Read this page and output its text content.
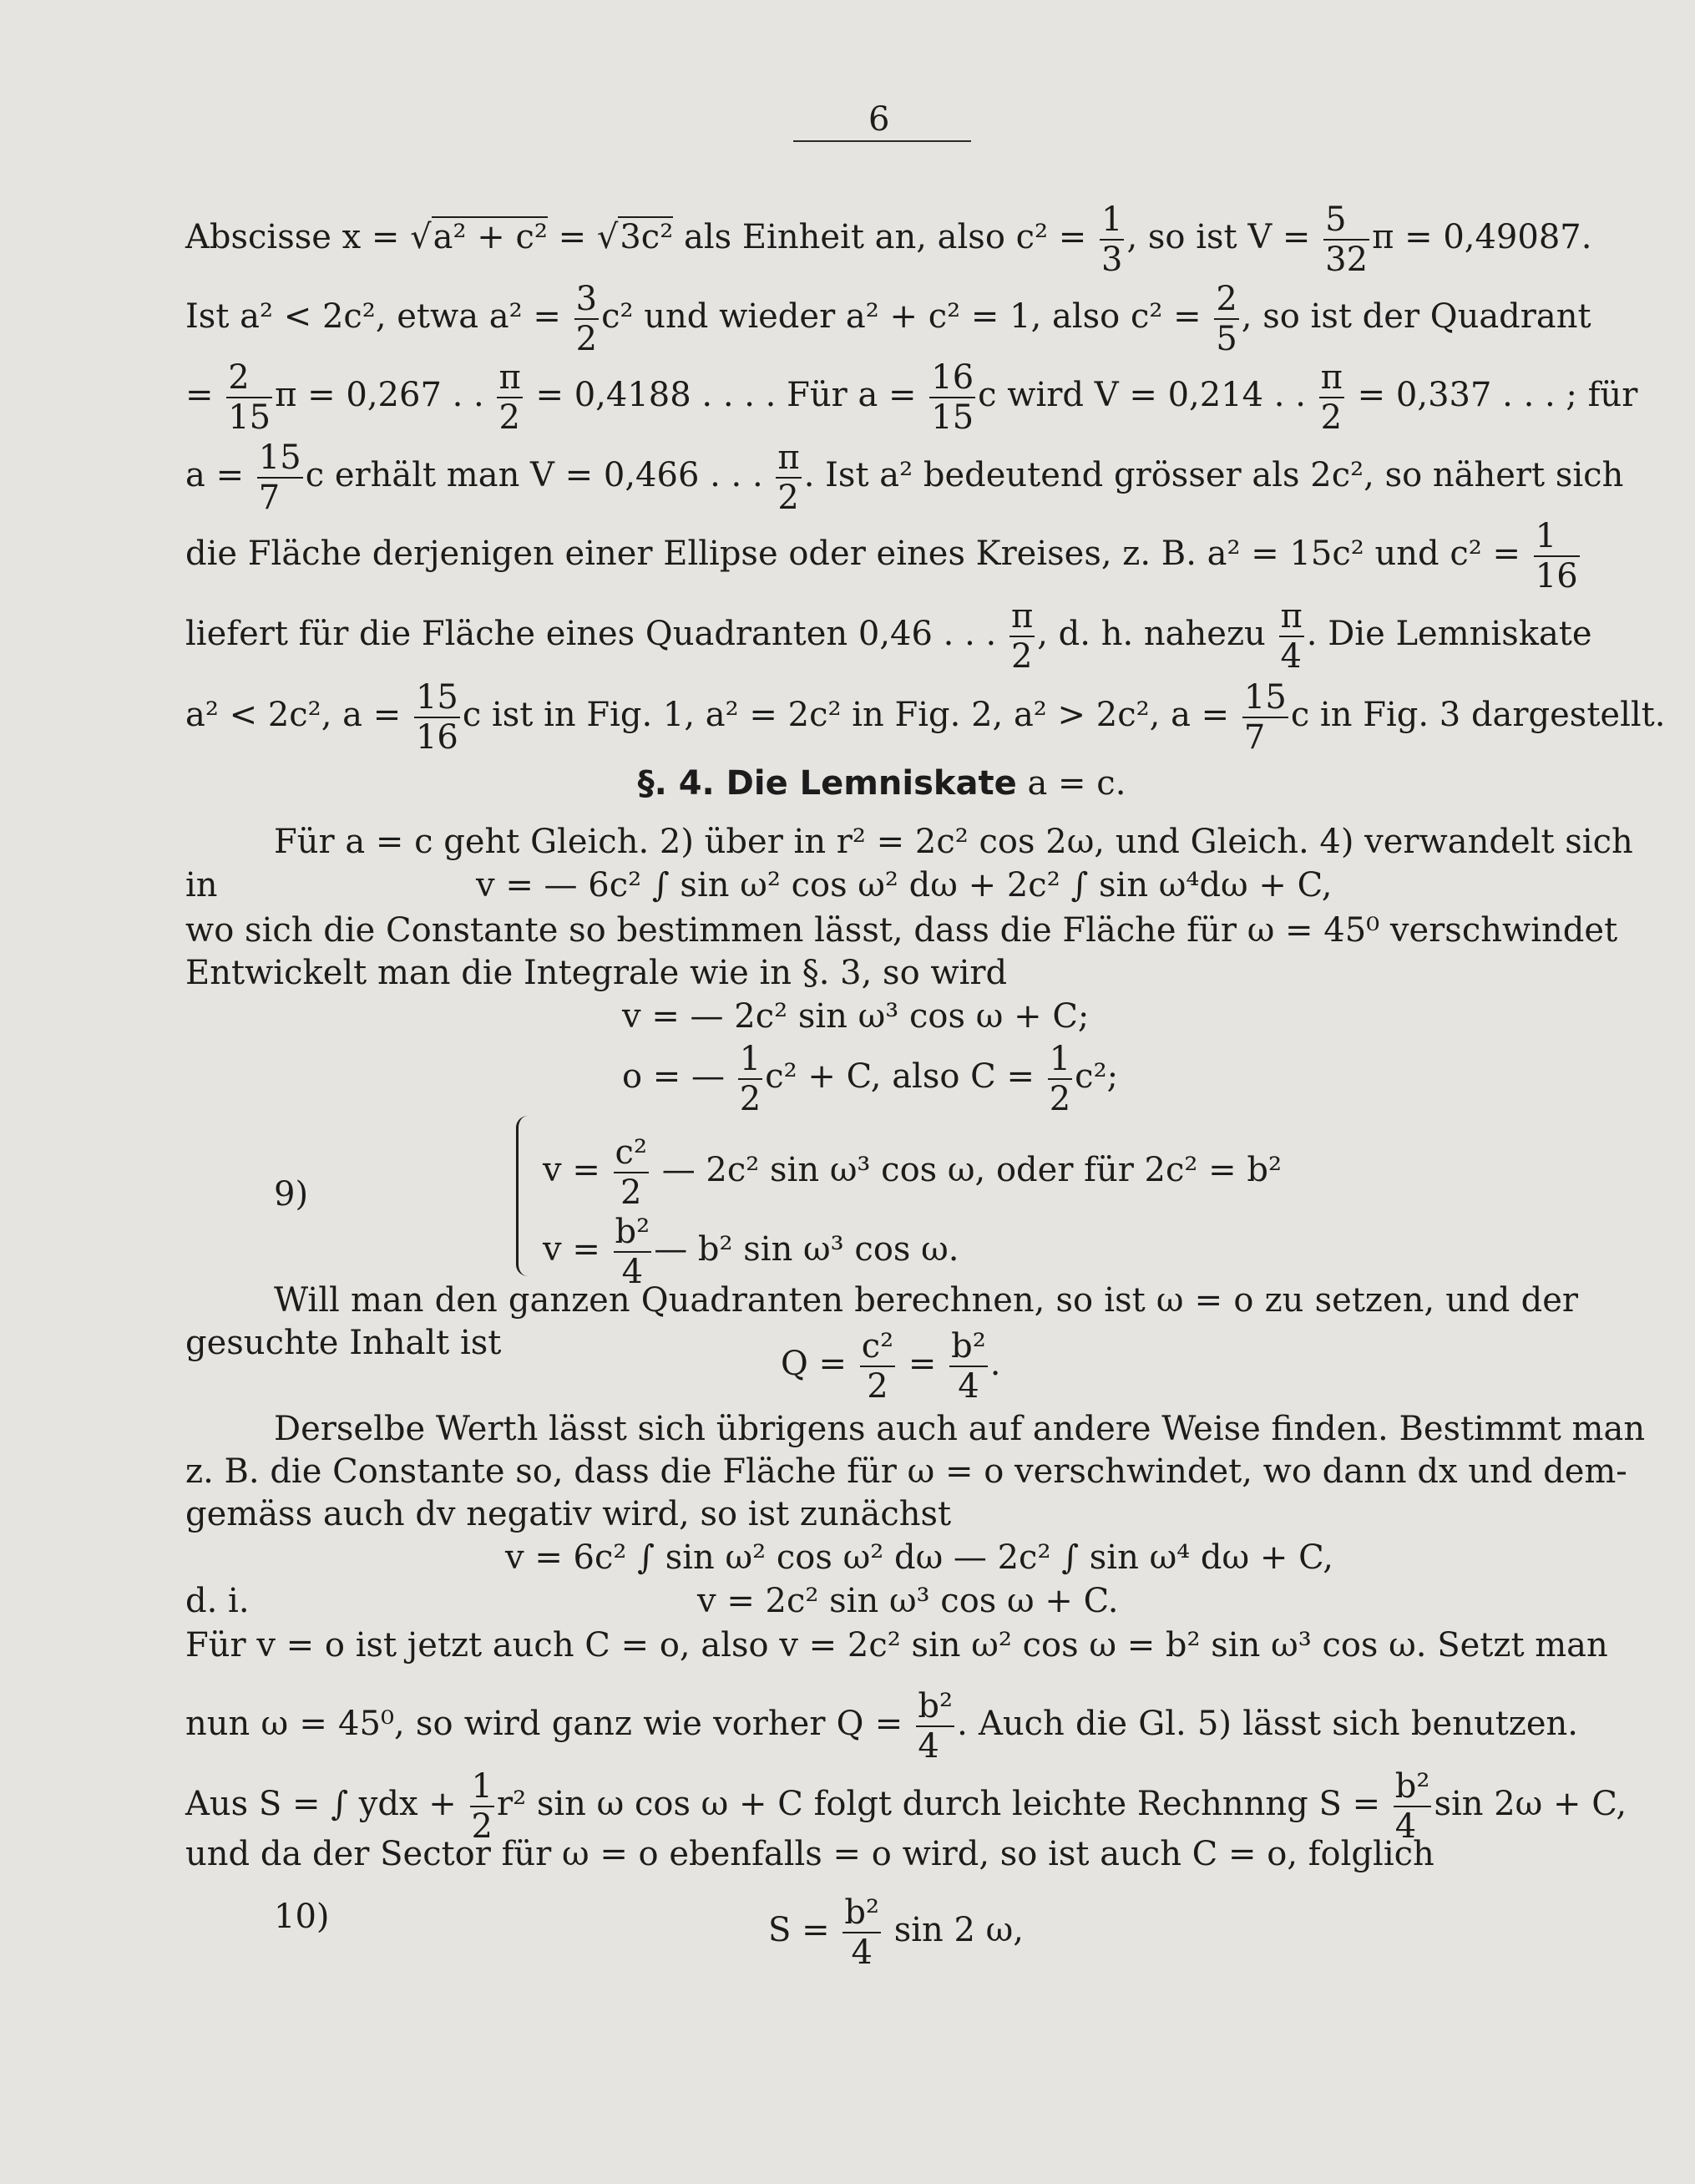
6
Abscisse x = √a² + c² = √3c² als Einheit an, also $c^2 = \frac{1}{3}$ , so ist $V = \frac{5}{32}$ π = 0,49087.
Ist a² < 2c², etwa $a^2 = \frac{3}{2} c^2$ und wieder a² + c² = 1, also $c^2 = \frac{2}{5}$ , so ist der Quadrant
= $\frac{2}{15}$ π = 0,267 . . $\frac{\pi}{2} = 0,4188$ . . . . Für $a = \frac{16}{15}$ c wird V = 0,214 . . $\frac{\pi}{2} = 0,337$ . . . ; für
$a = \frac{15}{7}$ c erhält man V = 0,466 . . . $\frac{\pi}{2}$ . Ist a² bedeutend grösser als 2c², so nähert sich
die Fläche derjenigen einer Ellipse oder eines Kreises, z. B. a² = 15c² und $c^2 = \frac{1}{16}$
liefert für die Fläche eines Quadranten 0,46 . . . $\frac{\pi}{2}$ , d. h. nahezu $\frac{\pi}{4}$ . Die Lemniskate
a² < 2c², $a = \frac{15}{16}$ c ist in Fig. 1, a² = 2c² in Fig. 2, a² > 2c², $a = \frac{15}{7}$ c in Fig. 3 dargestellt.
§. 4. Die Lemniskate a = c.
Für a = c geht Gleich. 2) über in r² = 2c² cos 2ω, und Gleich. 4) verwandelt sich
in	v = — 6c² ∫ sin ω² cos ω² dω + 2c² ∫ sin ω⁴dω + C,
wo sich die Constante so bestimmen lässt, dass die Fläche für ω = 45⁰ verschwindet
Entwickelt man die Integrale wie in §. 3, so wird
v = — 2c² sin ω³ cos ω + C;
o = — $\frac{1}{2} c^2 + C$, also $C = \frac{1}{2} c^2$;
9)
$v = \frac{\text{c²}}{2}$ — 2c² sin ω³ cos ω, oder für 2c² = b²
$v = \frac{\text{b²}}{4}$ — b² sin ω³ cos ω.
Will man den ganzen Quadranten berechnen, so ist ω = o zu setzen, und der
gesuchte Inhalt ist
$Q = \frac{\text{c²}}{2} = \frac{\text{b²}}{4}$ .
Derselbe Werth lässt sich übrigens auch auf andere Weise finden. Bestimmt man
z. B. die Constante so, dass die Fläche für ω = o verschwindet, wo dann dx und dem-
gemäss auch dv negativ wird, so ist zunächst
v = 6c² ∫ sin ω² cos ω² dω — 2c² ∫ sin ω⁴ dω + C,
d. i.	v = 2c² sin ω³ cos ω + C.
Für v = o ist jetzt auch C = o, also v = 2c² sin ω² cos ω = b² sin ω³ cos ω. Setzt man
nun ω = 45⁰, so wird ganz wie vorher $Q = \frac{\text{b²}}{4}$ . Auch die Gl. 5) lässt sich benutzen.
Aus S = ∫ ydx + $\frac{1}{2} r^2$ sin ω cos ω + C folgt durch leichte Rechnnng $S = \frac{\text{b²}}{4}$ sin 2ω + C,
und da der Sector für ω = o ebenfalls = o wird, so ist auch C = o, folglich
10)	$S = \frac{\text{b²}}{4}$ sin 2 ω,
